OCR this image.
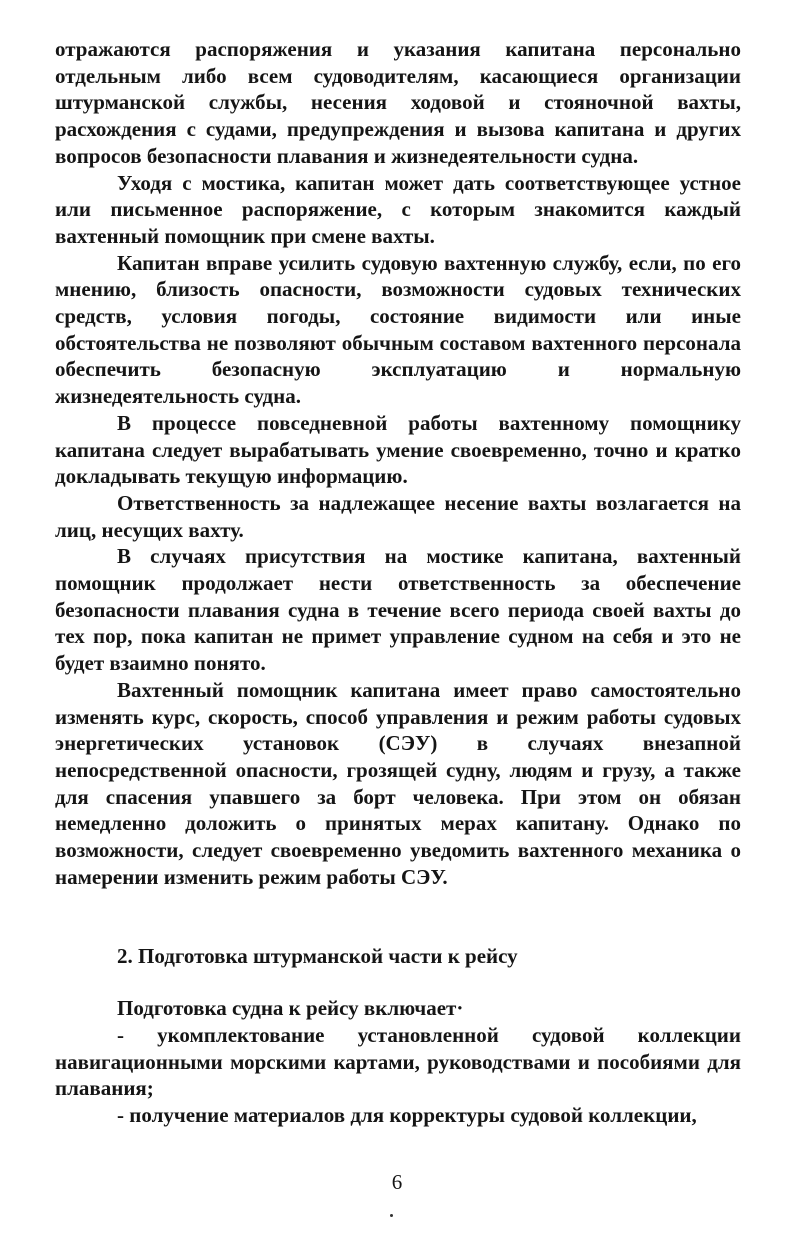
отражаются распоряжения и указания капитана персонально отдельным либо всем судоводителям, касающиеся организации штурманской службы, несения ходовой и стояночной вахты, расхождения с судами, предупреждения и вызова капитана и других вопросов безопасности плавания и жизнедеятельности судна.

Уходя с мостика, капитан может дать соответствующее устное или письменное распоряжение, с которым знакомится каждый вахтенный помощник при смене вахты.

Капитан вправе усилить судовую вахтенную службу, если, по его мнению, близость опасности, возможности судовых технических средств, условия погоды, состояние видимости или иные обстоятельства не позволяют обычным составом вахтенного персонала обеспечить безопасную эксплуатацию и нормальную жизнедеятельность судна.

В процессе повседневной работы вахтенному помощнику капитана следует вырабатывать умение своевременно, точно и кратко докладывать текущую информацию.

Ответственность за надлежащее несение вахты возлагается на лиц, несущих вахту.

В случаях присутствия на мостике капитана, вахтенный помощник продолжает нести ответственность за обеспечение безопасности плавания судна в течение всего периода своей вахты до тех пор, пока капитан не примет управление судном на себя и это не будет взаимно понято.

Вахтенный помощник капитана имеет право самостоятельно изменять курс, скорость, способ управления и режим работы судовых энергетических установок (СЭУ) в случаях внезапной непосредственной опасности, грозящей судну, людям и грузу, а также для спасения упавшего за борт человека. При этом он обязан немедленно доложить о принятых мерах капитану. Однако по возможности, следует своевременно уведомить вахтенного механика о намерении изменить режим работы СЭУ.

2. Подготовка штурманской части к рейсу

Подготовка судна к рейсу включает·

- укомплектование установленной судовой коллекции навигационными морскими картами, руководствами и пособиями для плавания;

- получение материалов для корректуры судовой коллекции,

6
